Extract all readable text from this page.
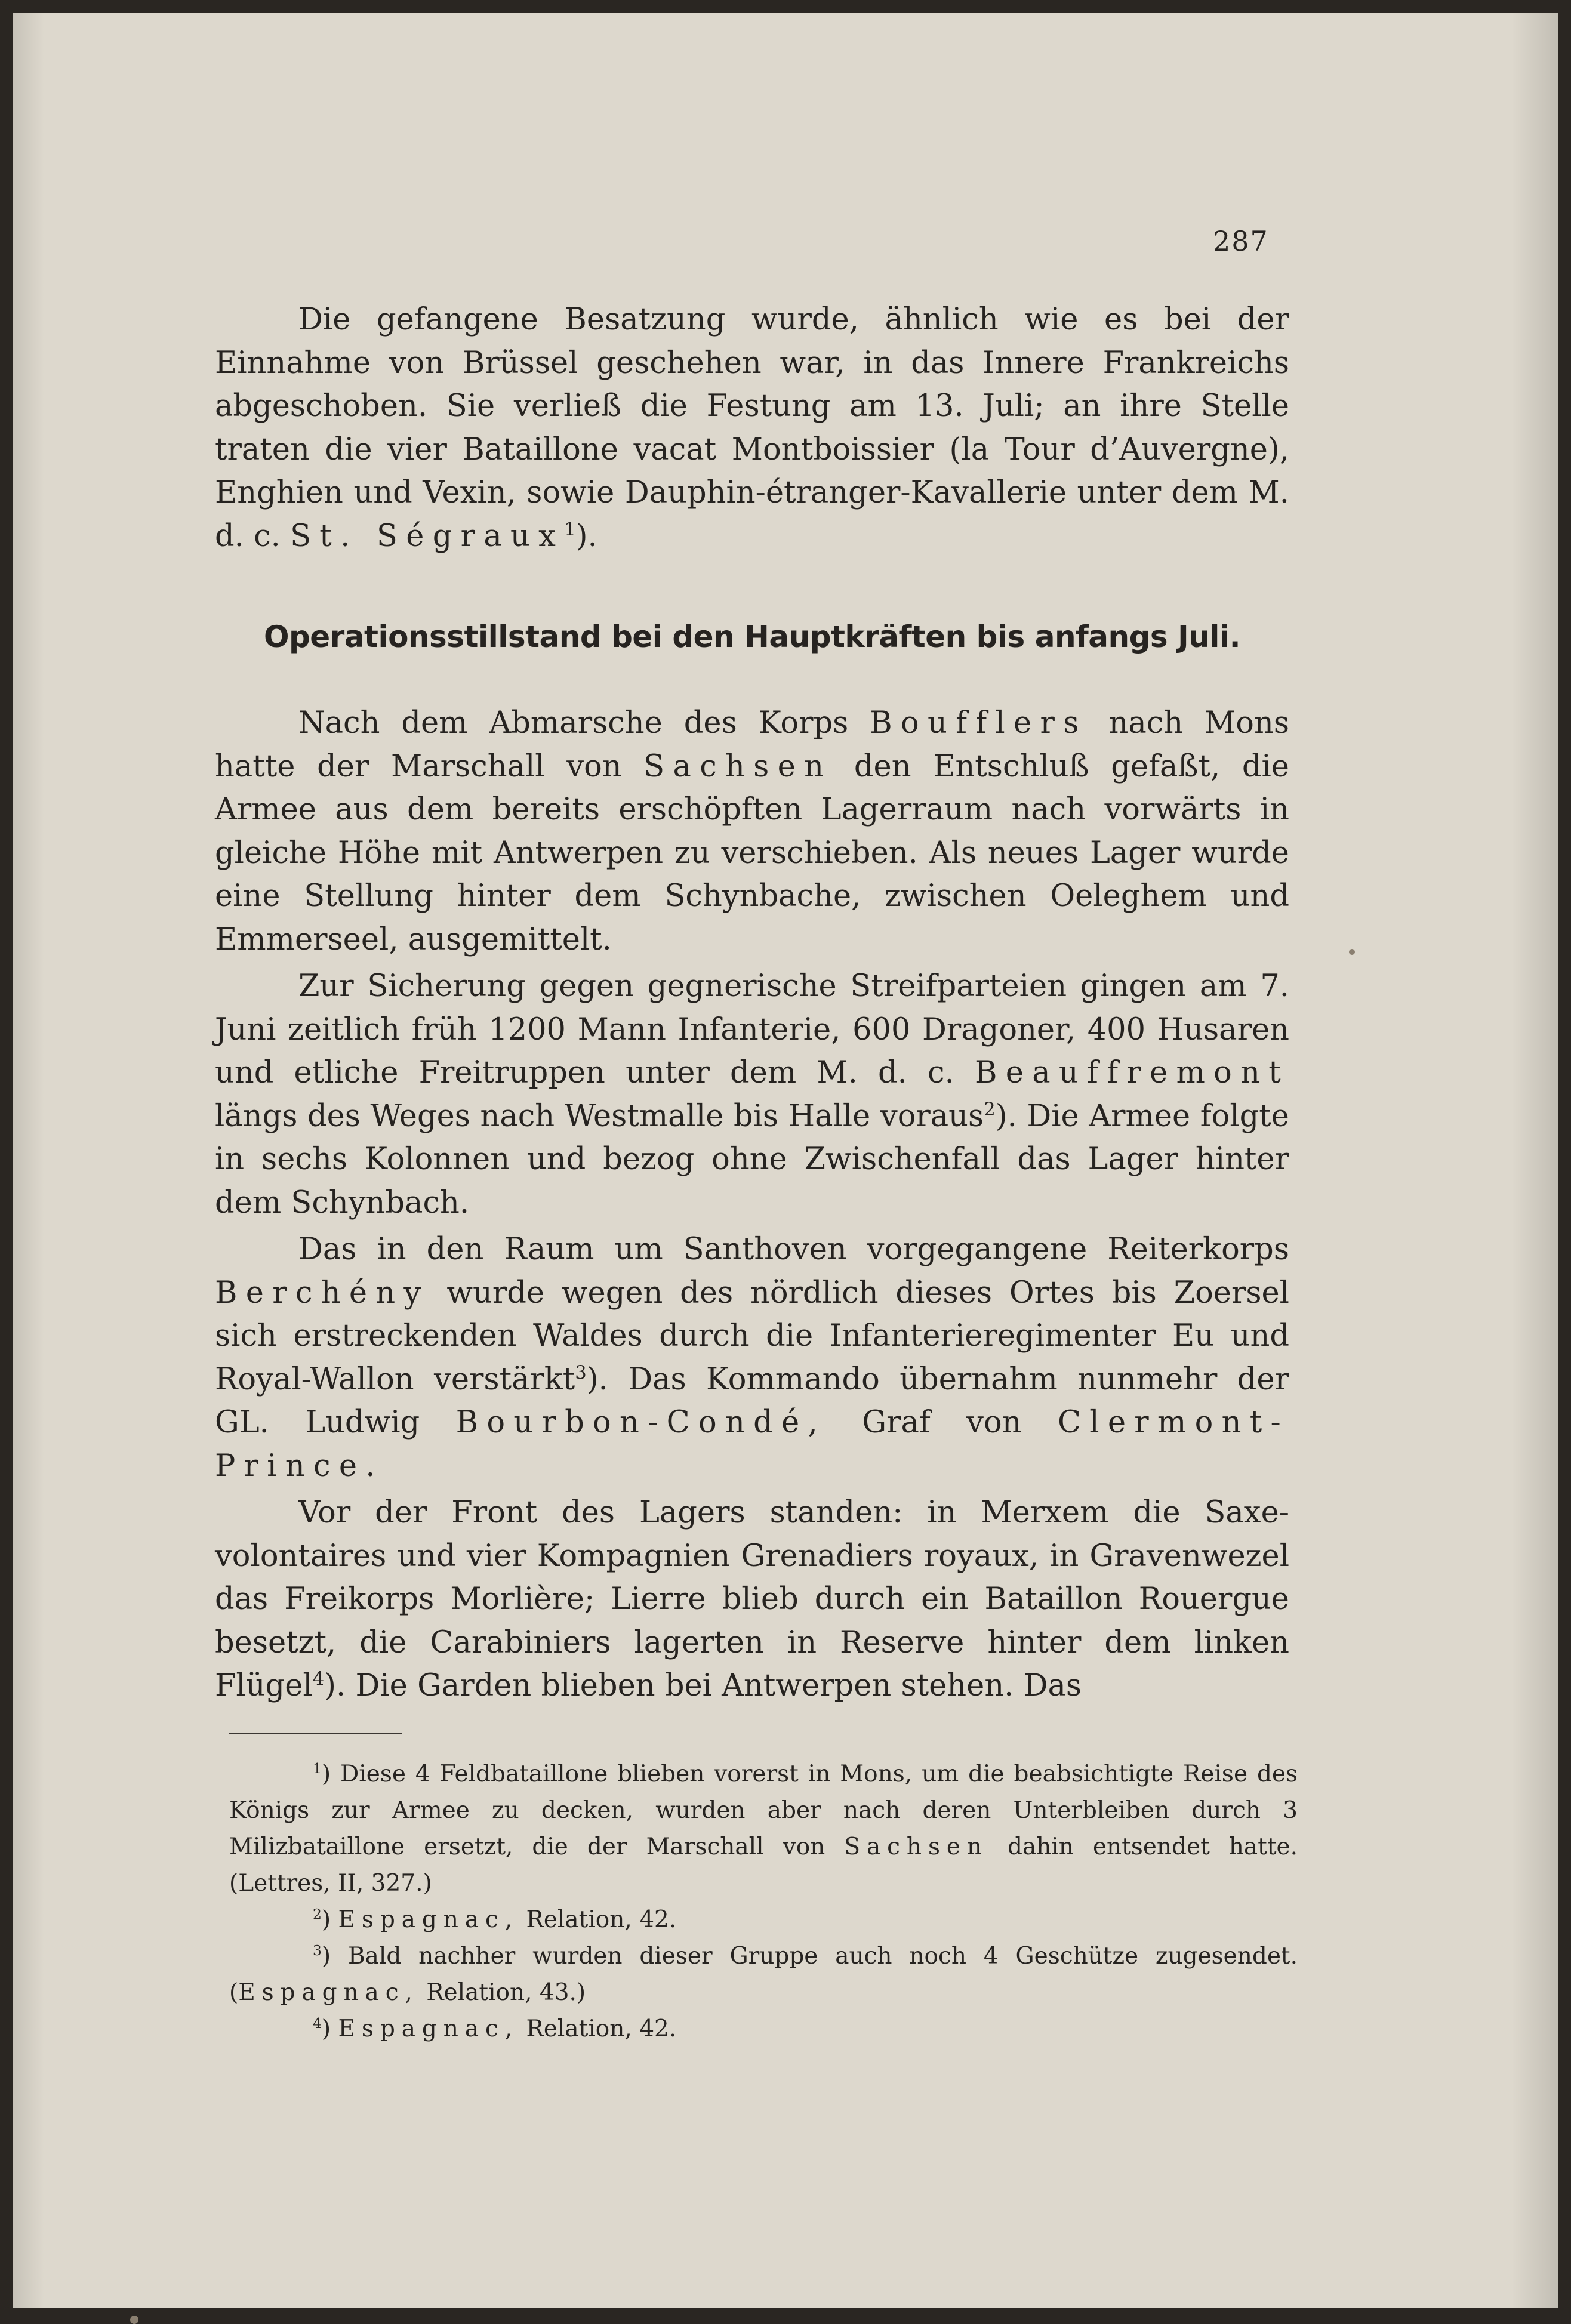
287

Die gefangene Besatzung wurde, ähnlich wie es bei der Einnahme von Brüssel geschehen war, in das Innere Frankreichs abgeschoben. Sie verließ die Festung am 13. Juli; an ihre Stelle traten die vier Bataillone vacat Montboissier (la Tour d’Auvergne), Enghien und Vexin, sowie Dauphin-étranger-Kavallerie unter dem M. d. c. St. Ségraux$^1$).

Operationsstillstand bei den Hauptkräften bis anfangs Juli.

Nach dem Abmarsche des Korps Boufflers nach Mons hatte der Marschall von Sachsen den Entschluß gefaßt, die Armee aus dem bereits erschöpften Lagerraum nach vorwärts in gleiche Höhe mit Antwerpen zu verschieben. Als neues Lager wurde eine Stellung hinter dem Schynbache, zwischen Oeleghem und Emmerseel, ausgemittelt.

Zur Sicherung gegen gegnerische Streifparteien gingen am 7. Juni zeitlich früh 1200 Mann Infanterie, 600 Dragoner, 400 Husaren und etliche Freitruppen unter dem M. d. c. Beauffremont längs des Weges nach Westmalle bis Halle voraus$^2$). Die Armee folgte in sechs Kolonnen und bezog ohne Zwischenfall das Lager hinter dem Schynbach.

Das in den Raum um Santhoven vorgegangene Reiterkorps Berchény wurde wegen des nördlich dieses Ortes bis Zoersel sich erstreckenden Waldes durch die Infanterieregimenter Eu und Royal-Wallon verstärkt$^3$). Das Kommando übernahm nunmehr der GL. Ludwig Bourbon-Condé, Graf von Clermont-Prince.

Vor der Front des Lagers standen: in Merxem die Saxe-volontaires und vier Kompagnien Grenadiers royaux, in Gravenwezel das Freikorps Morlière; Lierre blieb durch ein Bataillon Rouergue besetzt, die Carabiniers lagerten in Reserve hinter dem linken Flügel$^4$). Die Garden blieben bei Antwerpen stehen. Das

$^1$) Diese 4 Feldbataillone blieben vorerst in Mons, um die beabsichtigte Reise des Königs zur Armee zu decken, wurden aber nach deren Unterbleiben durch 3 Milizbataillone ersetzt, die der Marschall von Sachsen dahin entsendet hatte. (Lettres, II, 327.)

$^2$) Espagnac, Relation, 42.

$^3$) Bald nachher wurden dieser Gruppe auch noch 4 Geschütze zugesendet. (Espagnac, Relation, 43.)

$^4$) Espagnac, Relation, 42.
